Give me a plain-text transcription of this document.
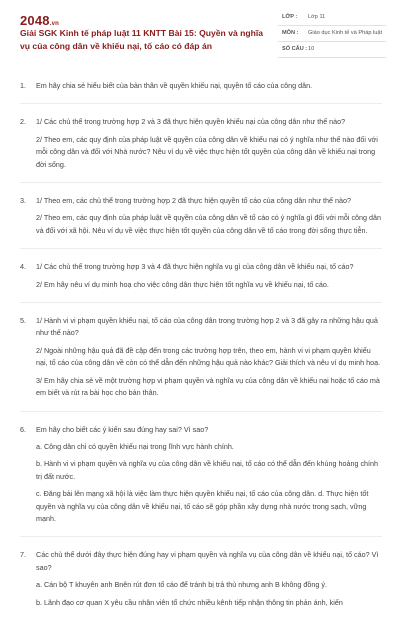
2048.vn
Giải SGK Kinh tế pháp luật 11 KNTT Bài 15: Quyền và nghĩa vụ của công dân về khiếu nại, tố cáo có đáp án
LỚP : Lớp 11
MÔN : Giáo dục Kinh tế và Pháp luật
SỐ CÂU : 10
1.	Em hãy chia sẻ hiểu biết của bản thân về quyền khiếu nại, quyền tố cáo của công dân.

2.	1/ Các chủ thể trong trường hợp 2 và 3 đã thực hiện quyền khiếu nại của công dân như thế nào?

2/ Theo em, các quy định của pháp luật về quyền của công dân về khiếu nại có ý nghĩa như thế nào đối với mỗi công dân và đối với Nhà nước? Nêu ví dụ về việc thực hiện tốt quyền của công dân về khiếu nại trong đời sống.

3.	1/ Theo em, các chủ thể trong trường hợp 2 đã thực hiện quyền tố cáo của công dân như thế nào?

2/ Theo em, các quy định của pháp luật về quyền của công dân về tố cáo có ý nghĩa gì đối với mỗi công dân và đối với xã hội. Nêu ví dụ về việc thực hiện tốt quyền của công dân về tố cáo trong đời sống thực tiễn.

4.	1/ Các chủ thể trong trường hợp 3 và 4 đã thực hiện nghĩa vụ gì của công dân về khiếu nại, tố cáo?

2/ Em hãy nêu ví dụ minh hoạ cho việc công dân thực hiện tốt nghĩa vụ về khiếu nại, tố cáo.

5.	1/ Hành vi vi phạm quyền khiếu nại, tố cáo của công dân trong trường hợp 2 và 3 đã gây ra những hậu quả như thế nào?

2/ Ngoài những hậu quả đã đề cập đến trong các trường hợp trên, theo em, hành vi vi phạm quyền khiếu nại, tố cáo của công dân về còn có thể dẫn đến những hậu quả nào khác? Giải thích và nêu ví dụ minh hoạ.

3/ Em hãy chia sẻ về một trường hợp vi phạm quyền và nghĩa vụ của công dân về khiếu nại hoặc tố cáo mà em biết và rút ra bài học cho bản thân.

6.	Em hãy cho biết các ý kiến sau đúng hay sai? Vì sao?

a. Công dân chỉ có quyền khiếu nại trong lĩnh vực hành chính.

b. Hành vi vi phạm quyền và nghĩa vụ của công dân về khiếu nại, tố cáo có thể dẫn đến khủng hoảng chính trị đất nước.

c. Đăng bài lên mạng xã hội là việc làm thực hiện quyền khiếu nại, tố cáo của công dân. d. Thực hiện tốt quyền và nghĩa vụ của công dân về khiếu nại, tố cáo sẽ góp phần xây dựng nhà nước trong sạch, vững mạnh.

7.	Các chủ thể dưới đây thực hiện đúng hay vi phạm quyền và nghĩa vụ của công dân về khiếu nại, tố cáo? Vì sao?

a. Cán bộ T khuyên anh Bnên rút đơn tố cáo để tránh bị trả thù nhưng anh B không đồng ý.

b. Lãnh đạo cơ quan X yêu cầu nhân viên tổ chức nhiều kênh tiếp nhận thông tin phản ánh, kiến
